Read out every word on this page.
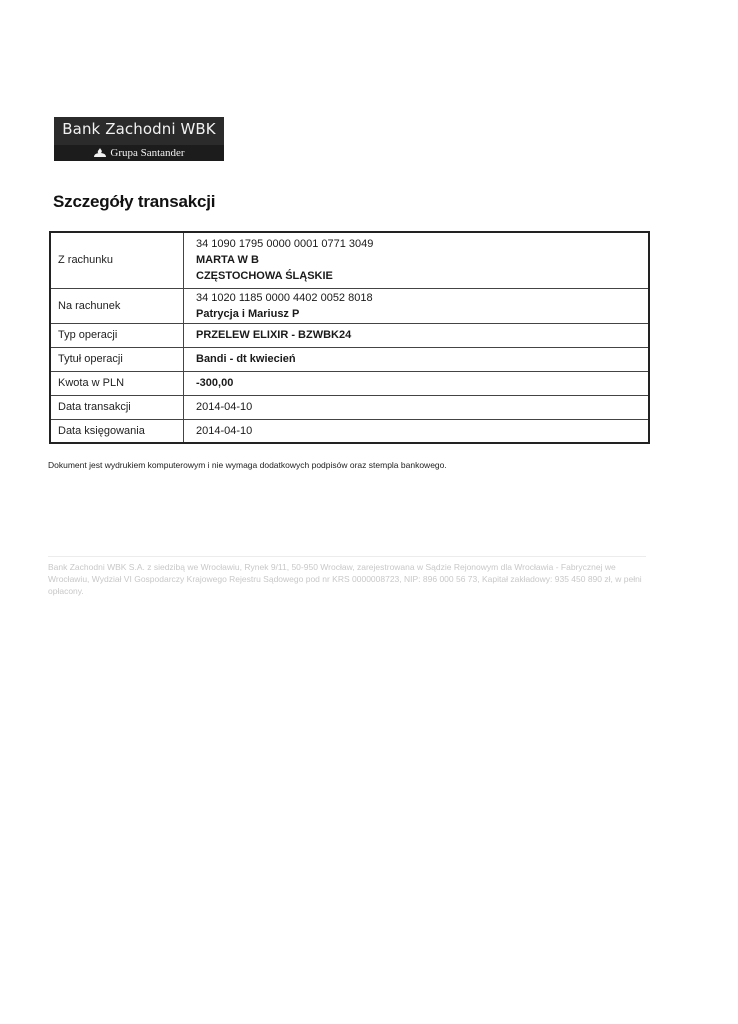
Bank Zachodni WBK
Grupa Santander
Szczegóły transakcji
Z rachunku	34 1090 1795 0000 0001 0771 3049
MARTA W B
CZĘSTOCHOWA ŚLĄSKIE

Na rachunek	34 1020 1185 0000 4402 0052 8018
Patrycja i Mariusz P

Typ operacji	PRZELEW ELIXIR - BZWBK24
Tytuł operacji	Bandi - dt kwiecień
Kwota w PLN	-300,00
Data transakcji	2014-04-10
Data księgowania	2014-04-10
Dokument jest wydrukiem komputerowym i nie wymaga dodatkowych podpisów oraz stempla bankowego.
Bank Zachodni WBK S.A. z siedzibą we Wrocławiu, Rynek 9/11, 50-950 Wrocław, zarejestrowana w Sądzie Rejonowym dla Wrocławia - Fabrycznej we Wrocławiu, Wydział VI Gospodarczy Krajowego Rejestru Sądowego pod nr KRS 0000008723, NIP: 896 000 56 73, Kapitał zakładowy: 935 450 890 zł, w pełni opłacony.
